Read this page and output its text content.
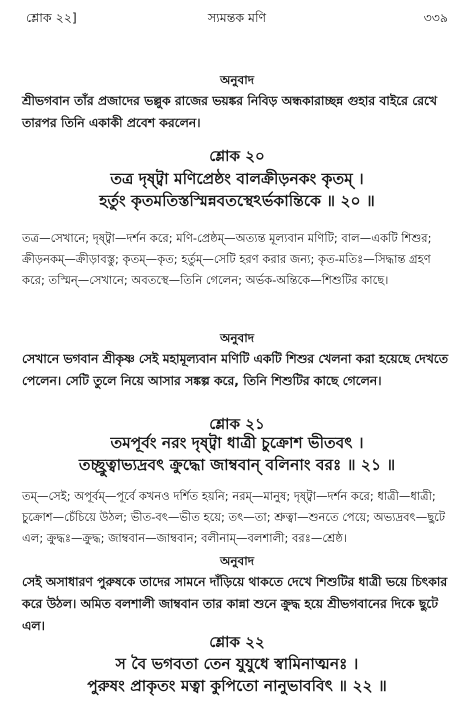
শ্লোক ২২]	স্যমন্তক মণি	৩৩৯
অনুবাদ
শ্রীভগবান তাঁর প্রজাদের ভল্লুক রাজের ভয়ঙ্কর নিবিড় অন্ধকারাচ্ছন্ন গুহার বাইরে রেখে তারপর তিনি একাকী প্রবেশ করলেন।
শ্লোক ২০
তত্র দৃষ্ট্বা মণিপ্রেষ্ঠং বালক্রীড়নকং কৃতম্ ।
হর্তুং কৃতমতিস্তস্মিন্নবতস্থেঽর্ভকান্তিকে ॥ ২০ ॥
তত্র—সেখানে; দৃষ্ট্বা—দর্শন করে; মণি-প্রেষ্ঠম্—অত্যন্ত মূল্যবান মণিটি; বাল—একটি শিশুর; ক্রীড়নকম্—ক্রীড়াবস্তু; কৃতম্—কৃত; হর্তুম্—সেটি হরণ করার জন্য; কৃত-মতিঃ—সিদ্ধান্ত গ্রহণ করে; তস্মিন্—সেখানে; অবতস্থে—তিনি গেলেন; অর্ভক-অন্তিকে—শিশুটির কাছে।
অনুবাদ
সেখানে ভগবান শ্রীকৃষ্ণ সেই মহামূল্যবান মণিটি একটি শিশুর খেলনা করা হয়েছে দেখতে পেলেন। সেটি তুলে নিয়ে আসার সঙ্কল্প করে, তিনি শিশুটির কাছে গেলেন।
শ্লোক ২১
তমপূর্বং নরং দৃষ্ট্বা ধাত্রী চুক্রোশ ভীতবৎ ।
তচ্ছ্রুত্বাভ্যদ্রবৎ ক্রুদ্ধো জাম্ববান্ বলিনাং বরঃ ॥ ২১ ॥
তম্—সেই; অপূর্বম্—পূর্বে কখনও দর্শিত হয়নি; নরম্—মানুষ; দৃষ্ট্বা—দর্শন করে; ধাত্রী—ধাত্রী; চুক্রোশ—চেঁচিয়ে উঠল; ভীত-বৎ—ভীত হয়ে; তৎ—তা; শ্রুত্বা—শুনতে পেয়ে; অভ্যদ্রবৎ—ছুটে এল; ক্রুদ্ধঃ—ক্রুদ্ধ; জাম্ববান—জাম্ববান; বলীনাম্—বলশালী; বরঃ—শ্রেষ্ঠ।
অনুবাদ
সেই অসাধারণ পুরুষকে তাদের সামনে দাঁড়িয়ে থাকতে দেখে শিশুটির ধাত্রী ভয়ে চিৎকার করে উঠল। অমিত বলশালী জাম্ববান তার কান্না শুনে ক্রুদ্ধ হয়ে শ্রীভগবানের দিকে ছুটে এল।
শ্লোক ২২
স বৈ ভগবতা তেন যুযুধে স্বামিনাত্মনঃ ।
পুরুষং প্রাকৃতং মত্বা কুপিতো নানুভাববিৎ ॥ ২২ ॥
